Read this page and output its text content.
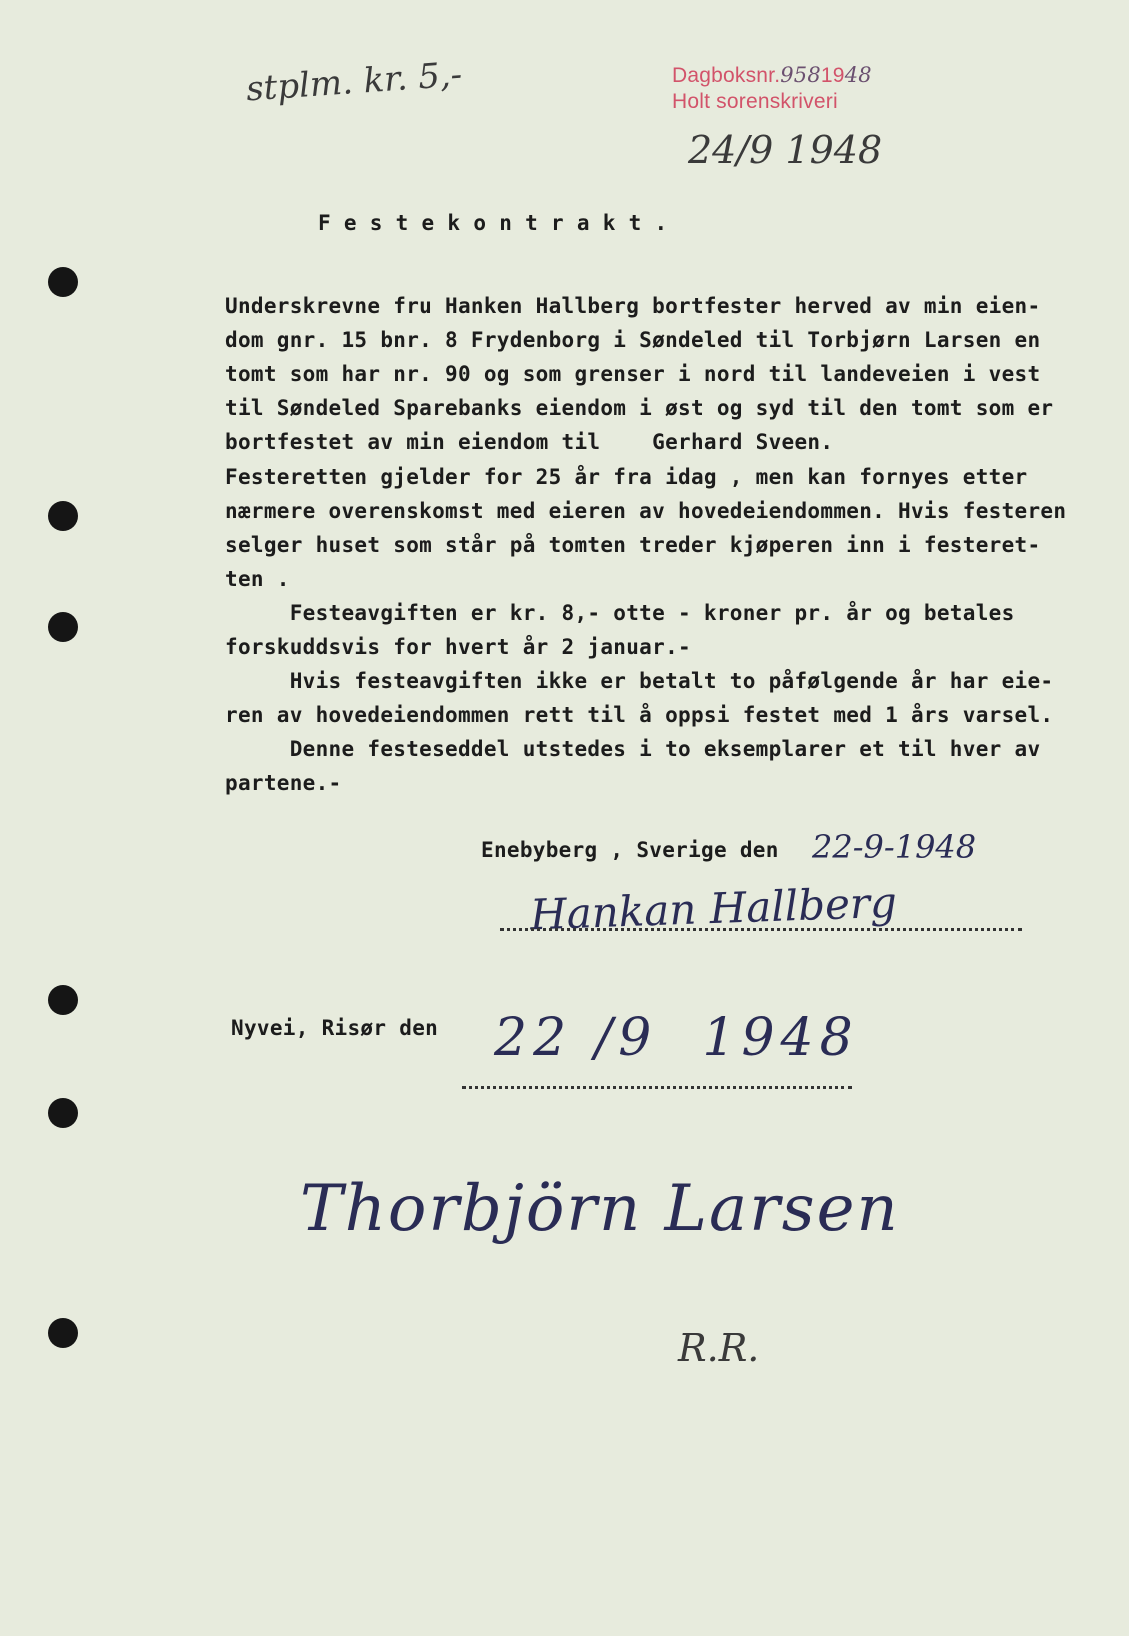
stplm. kr. 5,-	Dagboksnr.9581948
Holt sorenskriveri
24/9 1948
F e s t e k o n t r a k t .
Underskrevne fru Hanken Hallberg bortfester herved av min eien-
dom gnr. 15 bnr. 8 Frydenborg i Søndeled til Torbjørn Larsen en
tomt som har nr. 90 og som grenser i nord til landeveien i vest
til Søndeled Sparebanks eiendom i øst og syd til den tomt som er
bortfestet av min eiendom til    Gerhard Sveen.
Festeretten gjelder for 25 år fra idag , men kan fornyes etter
nærmere overenskomst med eieren av hovedeiendommen. Hvis festeren
selger huset som står på tomten treder kjøperen inn i festeret-
ten .
Festeavgiften er kr. 8,- otte - kroner pr. år og betales
forskuddsvis for hvert år 2 januar.-
Hvis festeavgiften ikke er betalt to påfølgende år har eie-
ren av hovedeiendommen rett til å oppsi festet med 1 års varsel.
Denne festeseddel utstedes i to eksemplarer et til hver av
partene.-
Enebyberg , Sverige den 22-9-1948
Hankan Hallberg
Nyvei, Risør den 22 /9  1948
Thorbjörn Larsen
R.R.
